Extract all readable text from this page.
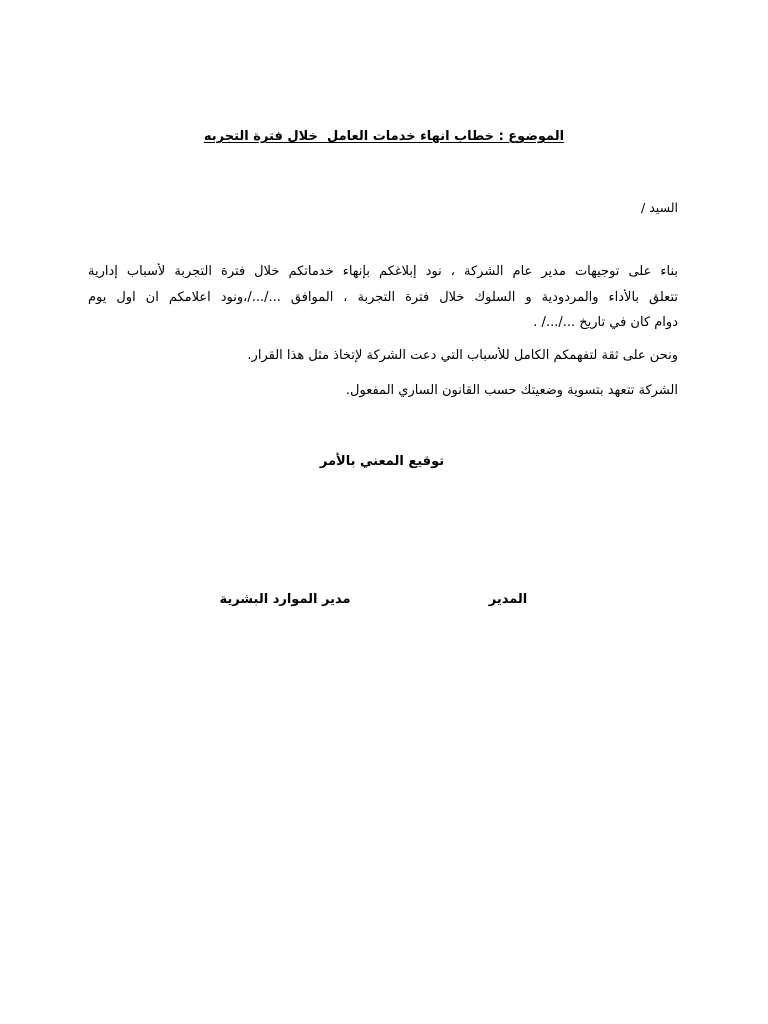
الموضوع : خطاب انهاء خدمات العامل  خلال فترة التجربه
السيد /
بناء على توجيهات مدير عام الشركة ، نود إبلاغكم بإنهاء خدماتكم خلال فترة التجربة لأسباب إدارية
تتعلق بالأداء والمردودية و السلوك خلال فترة التجربة ، الموافق .../.../،ونود اعلامكم ان اول يوم
دوام كان في تاريخ .../.../ .
ونحن على ثقة لتفهمكم الكامل للأسباب التي دعت الشركة لإتخاذ مثل هذا القرار.
الشركة تتعهد بتسوية وضعيتك حسب القانون الساري المفعول.
توقيع المعني بالأمر
المدير
مدير الموارد البشرية
